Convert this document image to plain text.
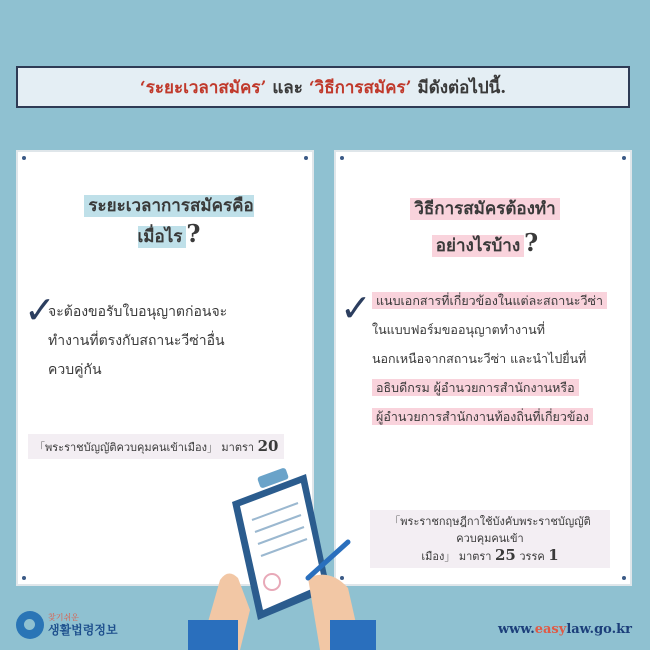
‘ระยะเวลาสมัคร’ และ ‘วิธีการสมัคร’ มีดังต่อไปนี้.
ระยะเวลาการสมัครคือเมื่อไร ?
✓
จะต้องขอรับใบอนุญาตก่อนจะ
ทำงานที่ตรงกับสถานะวีซ่าอื่น
ควบคู่กัน
「พระราชบัญญัติควบคุมคนเข้าเมือง」 มาตรา 20
วิธีการสมัครต้องทำ
อย่างไรบ้าง ?
✓ แนบเอกสารที่เกี่ยวข้องในแต่ละสถานะวีซ่า
ในแบบฟอร์มขออนุญาตทำงานที่
นอกเหนือจากสถานะวีซ่า และนำไปยื่นที่
อธิบดีกรม ผู้อำนวยการสำนักงานหรือ
ผู้อำนวยการสำนักงานท้องถิ่นที่เกี่ยวข้อง
「พระราชกฤษฎีกาใช้บังคับพระราชบัญญัติควบคุมคนเข้า
เมือง」 มาตรา 25 วรรค 1
찾기쉬운
생활법령정보	www.easylaw.go.kr
